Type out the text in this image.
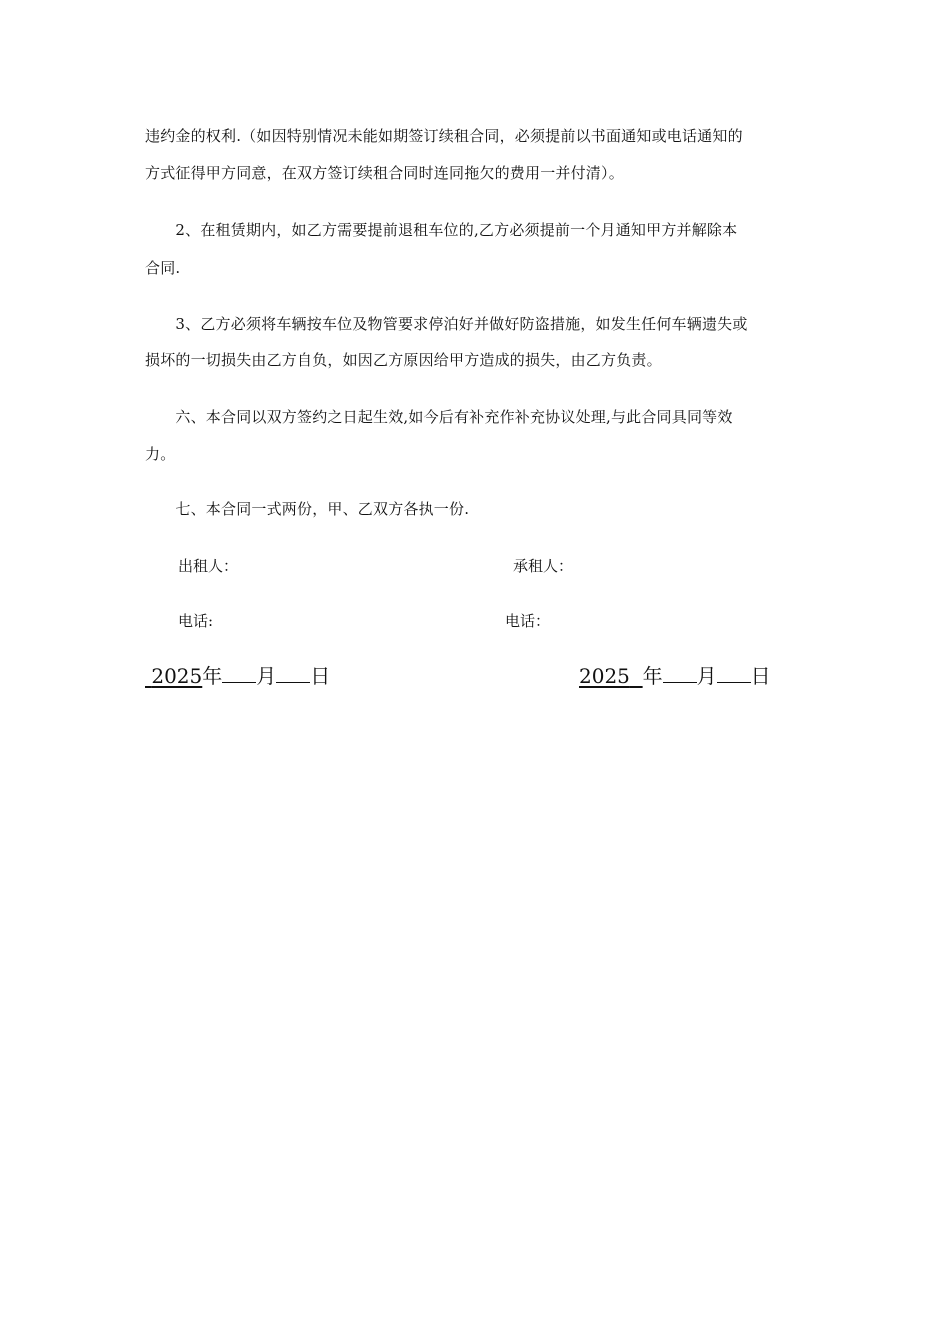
违约金的权利.（如因特别情况未能如期签订续租合同，必须提前以书面通知或电话通知的
方式征得甲方同意，在双方签订续租合同时连同拖欠的费用一并付清）。
　　2、在租赁期内，如乙方需要提前退租车位的,乙方必须提前一个月通知甲方并解除本
合同.
　　3、乙方必须将车辆按车位及物管要求停泊好并做好防盗措施，如发生任何车辆遗失或
损坏的一切损失由乙方自负，如因乙方原因给甲方造成的损失，由乙方负责。
　　六、本合同以双方签约之日起生效,如今后有补充作补充协议处理,与此合同具同等效
力。
　　七、本合同一式两份，甲、乙双方各执一份.
出租人：	承租人：
电话:	电话：
2025年 月 日	2025 年 月 日
